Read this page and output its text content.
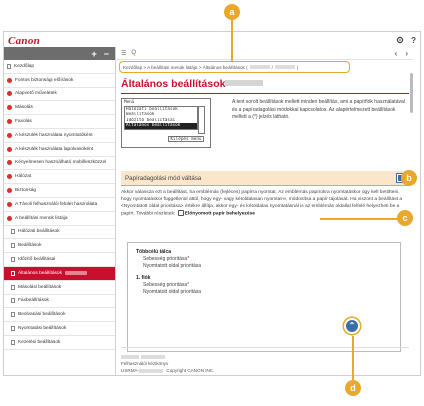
Canon	?
+ −
Kezdőlap
Fontos biztonsági előírások
Alapvető műveletek
Másolás
Faxolás
A készülék használata nyomtatóként
A készülék használata lapolvasóként
Kényelmesen használható mobilleszközzel
Hálózat
Biztonság
A Távoli felhasználói felület használata
A beállítási menük listája
Hálózati beállítások
Beállítások
Időzítő beállításai
Általános beállítások
Másolási beállítások
Faxbeállítások
Beolvasási beállítások
Nyomtatási beállítások
Kezelési beállítások
☰ Q	‹ ›
Kezdőlap > A beállítási menük listája > Általános beállítások (	/	)
Általános beállítások
Menü
Hálózati beállítások
Beállítások
Időzítő beállításai
Általános beállítások
Kilépés menü
A lent sorolt beállítások mellett minden beállítás, ami a papírfiók használatával és a papíradagolási módokkal kapcsolatos. Az alapértelmezett beállítások mellett a (*) jelzés látható.
Papíradagolási mód váltása
Akkor válassza ezt a beállítást, ha emblémás (fejléces) papírra nyomtat. Az emblémás papírokra nyomtatáskor úgy kell betölteni, hogy nyomtatáskor függetlenül attól, hogy egy- vagy kétoldalasan nyomtat-e, módosítsa a papír tájolását. Ha viszont a beállítást a <Nyomtatott oldal prioritása> értékre állítja, akkor egy- és kétoldalas nyomtatásnál is az emblémás oldallal felfelé helyezheti be a papírt. További részletek: Előnyomott papír behelyezése
Többcélú tálca
Sebesség prioritása*
Nyomtatott oldal prioritása
1. fiók
Sebesség prioritása*
Nyomtatott oldal prioritása
Felhasználói kézikönyv
USRMA-	Copyright CANON INC.
⌃
a
b
c
d
